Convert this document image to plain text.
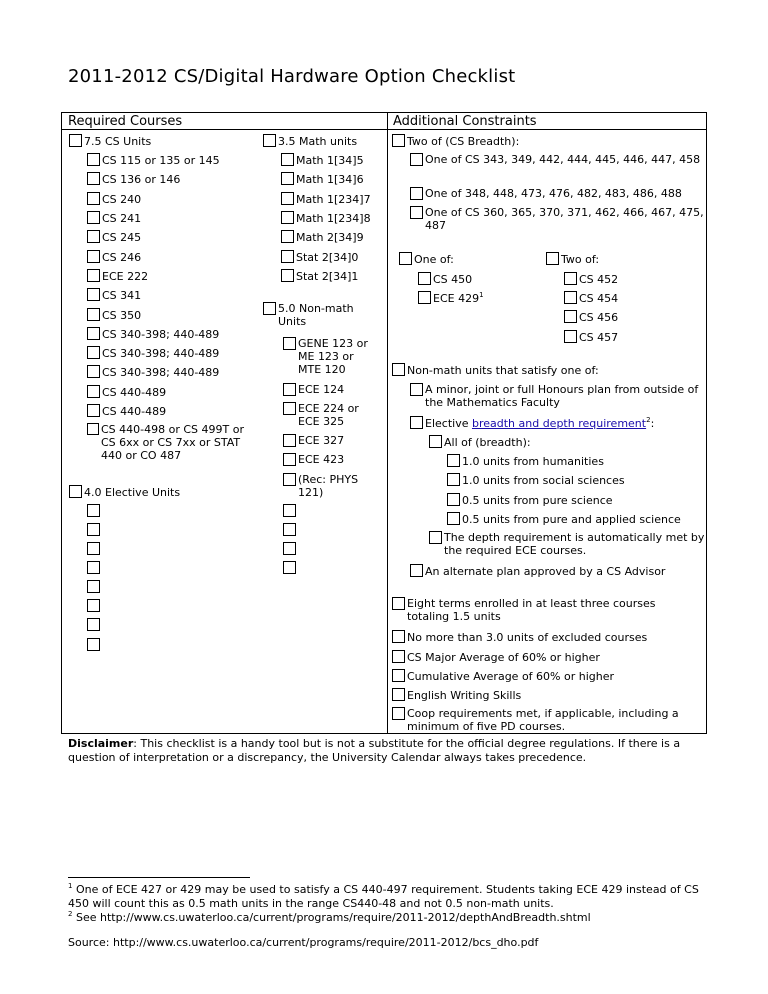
2011-2012 CS/Digital Hardware Option Checklist
Required Courses	Additional Constraints
7.5 CS Units
CS 115 or 135 or 145
CS 136 or 146
CS 240
CS 241
CS 245
CS 246
ECE 222
CS 341
CS 350
CS 340-398; 440-489
CS 340-398; 440-489
CS 340-398; 440-489
CS 440-489
CS 440-489
CS 440-498 or CS 499T or CS 6xx or CS 7xx or STAT 440 or CO 487
4.0 Elective Units
3.5 Math units
Math 1[34]5
Math 1[34]6
Math 1[234]7
Math 1[234]8
Math 2[34]9
Stat 2[34]0
Stat 2[34]1
5.0 Non-math Units
GENE 123 or ME 123 or MTE 120
ECE 124
ECE 224 or ECE 325
ECE 327
ECE 423
(Rec: PHYS 121)
Two of (CS Breadth):
One of CS 343, 349, 442, 444, 445, 446, 447, 458
One of 348, 448, 473, 476, 482, 483, 486, 488
One of CS 360, 365, 370, 371, 462, 466, 467, 475, 487
One of:
CS 450
ECE $429^1$
Two of:
CS 452
CS 454
CS 456
CS 457
Non-math units that satisfy one of:
A minor, joint or full Honours plan from outside of the Mathematics Faculty
Elective breadth and depth requirement$^2$:
All of (breadth):
1.0 units from humanities
1.0 units from social sciences
0.5 units from pure science
0.5 units from pure and applied science
The depth requirement is automatically met by the required ECE courses.
An alternate plan approved by a CS Advisor
Eight terms enrolled in at least three courses totaling 1.5 units
No more than 3.0 units of excluded courses
CS Major Average of 60% or higher
Cumulative Average of 60% or higher
English Writing Skills
Coop requirements met, if applicable, including a minimum of five PD courses.
Disclaimer: This checklist is a handy tool but is not a substitute for the official degree regulations. If there is a question of interpretation or a discrepancy, the University Calendar always takes precedence.
$^1$ One of ECE 427 or 429 may be used to satisfy a CS 440-497 requirement. Students taking ECE 429 instead of CS 450 will count this as 0.5 math units in the range CS440-48 and not 0.5 non-math units.
$^2$ See http://www.cs.uwaterloo.ca/current/programs/require/2011-2012/depthAndBreadth.shtml
Source: http://www.cs.uwaterloo.ca/current/programs/require/2011-2012/bcs_dho.pdf
